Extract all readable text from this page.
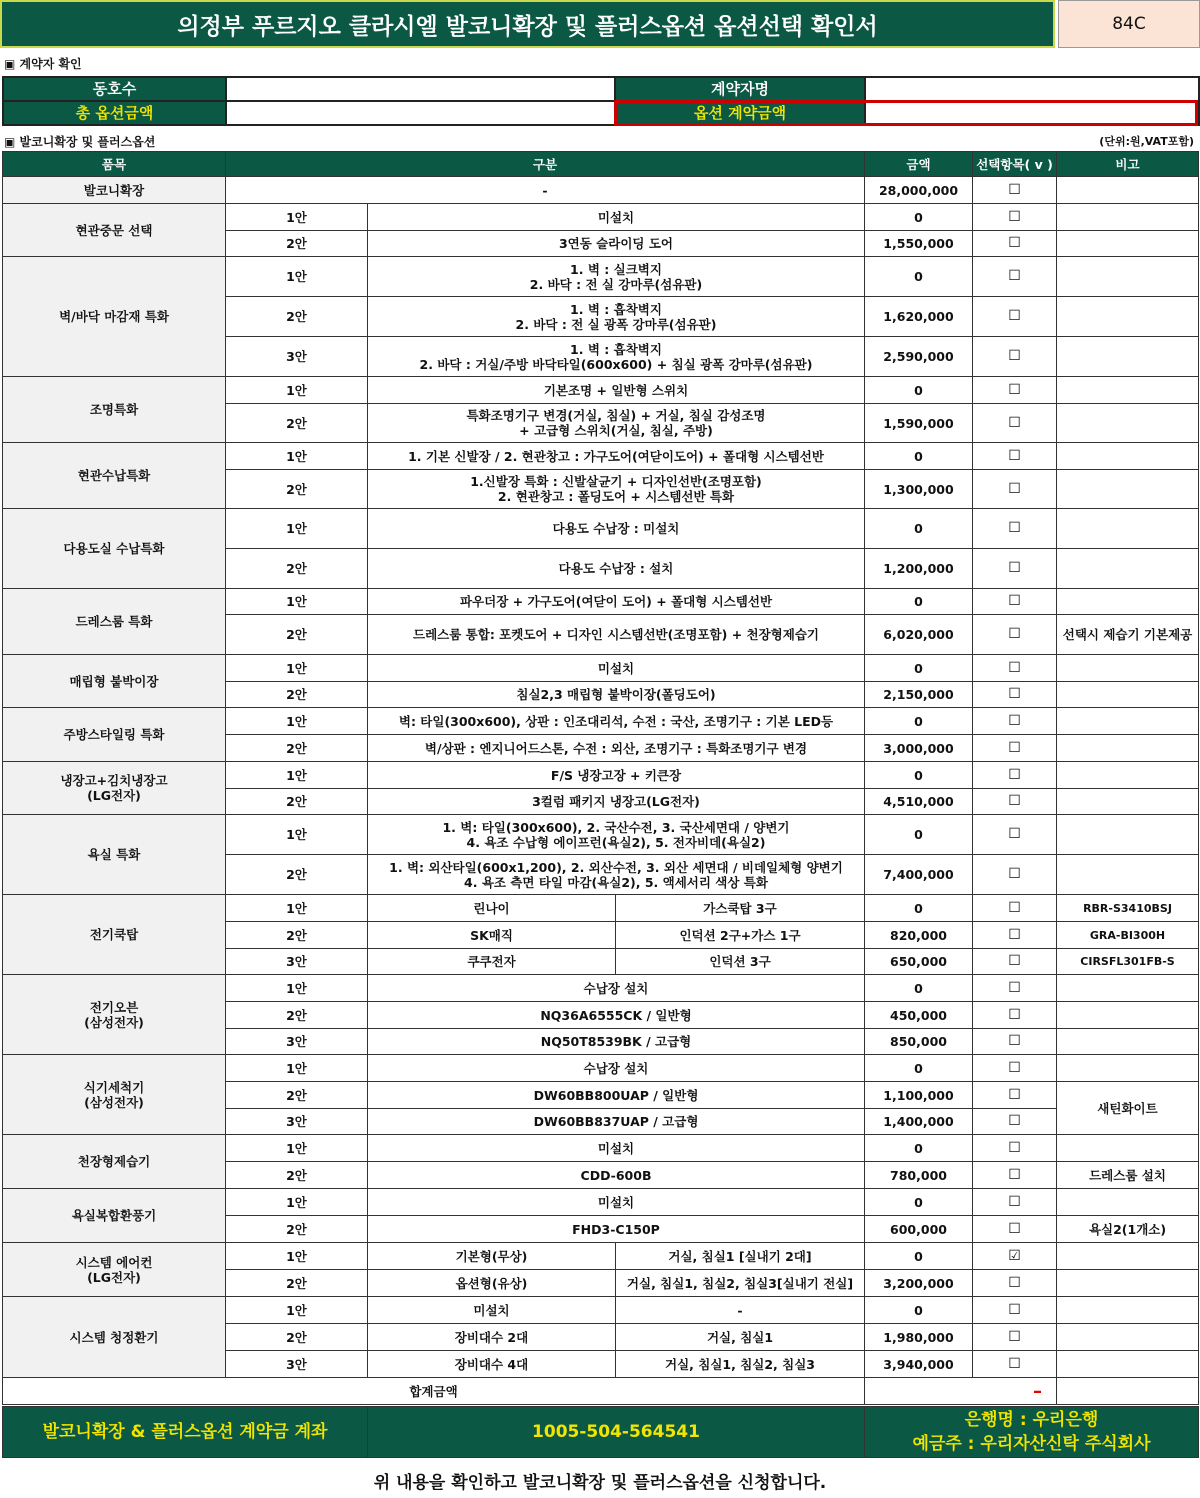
의정부 푸르지오 클라시엘 발코니확장 및 플러스옵션 옵션선택 확인서	84C
▣ 계약자 확인
동호수		계약자명	
총 옵션금액		옵션 계약금액	
▣ 발코니확장 및 플러스옵션	(단위:원,VAT포함)
품목	구분			금액	선택항목( v )	비고
발코니확장	-			28,000,000	☐	
현관중문 선택	1안	미설치		0	☐	
	2안	3연동 슬라이딩 도어		1,550,000	☐	
벽/바닥 마감재 특화	1안	1. 벽 : 실크벽지
2. 바닥 : 전 실 강마루(섬유판)		0	☐	
	2안	1. 벽 : 흡착벽지
2. 바닥 : 전 실 광폭 강마루(섬유판)		1,620,000	☐	
	3안	1. 벽 : 흡착벽지
2. 바닥 : 거실/주방 바닥타일(600x600) + 침실 광폭 강마루(섬유판)		2,590,000	☐	
조명특화	1안	기본조명 + 일반형 스위치		0	☐	
	2안	특화조명기구 변경(거실, 침실) + 거실, 침실 감성조명
+ 고급형 스위치(거실, 침실, 주방)		1,590,000	☐	
현관수납특화	1안	1. 기본 신발장 / 2. 현관창고 : 가구도어(여닫이도어) + 폴대형 시스템선반		0	☐	
	2안	1.신발장 특화 : 신발살균기 + 디자인선반(조명포함)
2. 현관창고 : 폴딩도어 + 시스템선반 특화		1,300,000	☐	
다용도실 수납특화	1안	다용도 수납장 : 미설치		0	☐	
	2안	다용도 수납장 : 설치		1,200,000	☐	
드레스룸 특화	1안	파우더장 + 가구도어(여닫이 도어) + 폴대형 시스템선반		0	☐	
	2안	드레스룸 통합: 포켓도어 + 디자인 시스템선반(조명포함) + 천장형제습기		6,020,000	☐	선택시 제습기 기본제공
매립형 붙박이장	1안	미설치		0	☐	
	2안	침실2,3 매립형 붙박이장(폴딩도어)		2,150,000	☐	
주방스타일링 특화	1안	벽: 타일(300x600), 상판 : 인조대리석, 수전 : 국산, 조명기구 : 기본 LED등		0	☐	
	2안	벽/상판 : 엔지니어드스톤, 수전 : 외산, 조명기구 : 특화조명기구 변경		3,000,000	☐	

냉장고+김치냉장고
(LG전자)	1안	F/S 냉장고장 + 키큰장		0	☐	
	2안	3컬럼 패키지 냉장고(LG전자)		4,510,000	☐	
욕실 특화	1안	1. 벽: 타일(300x600), 2. 국산수전, 3. 국산세면대 / 양변기
4. 욕조 수납형 에이프런(욕실2), 5. 전자비데(욕실2)		0	☐	
	2안	1. 벽: 외산타일(600x1,200), 2. 외산수전, 3. 외산 세면대 / 비데일체형 양변기
4. 욕조 측면 타일 마감(욕실2), 5. 액세서리 색상 특화		7,400,000	☐	
전기쿡탑	1안	린나이	가스쿡탑 3구	0	☐	RBR-S3410BSJ
	2안	SK매직	인덕션 2구+가스 1구	820,000	☐	GRA-BI300H
	3안	쿠쿠전자	인덕션 3구	650,000	☐	CIRSFL301FB-S

전기오븐
(삼성전자)	1안	수납장 설치		0	☐	
	2안	NQ36A6555CK / 일반형		450,000	☐	
	3안	NQ50T8539BK / 고급형		850,000	☐	

식기세척기
(삼성전자)	1안	수납장 설치		0	☐	
	2안	DW60BB800UAP / 일반형		1,100,000	☐	새틴화이트
	3안	DW60BB837UAP / 고급형		1,400,000	☐	
천장형제습기	1안	미설치		0	☐	
	2안	CDD-600B		780,000	☐	드레스룸 설치
욕실복합환풍기	1안	미설치		0	☐	
	2안	FHD3-C150P		600,000	☐	욕실2(1개소)

시스템 에어컨
(LG전자)	1안	기본형(무상)	거실, 침실1 [실내기 2대]	0	☑	
	2안	옵션형(유상)	거실, 침실1, 침실2, 침실3[실내기 전실]	3,200,000	☐	
시스템 청정환기	1안	미설치	-	0	☐	
	2안	장비대수 2대	거실, 침실1	1,980,000	☐	
	3안	장비대수 4대	거실, 침실1, 침실2, 침실3	3,940,000	☐	
합계금액				–		
발코니확장 & 플러스옵션 계약금 계좌	1005-504-564541	
은행명 : 우리은행
예금주 : 우리자산신탁 주식회사
위 내용을 확인하고 발코니확장 및 플러스옵션을 신청합니다.
